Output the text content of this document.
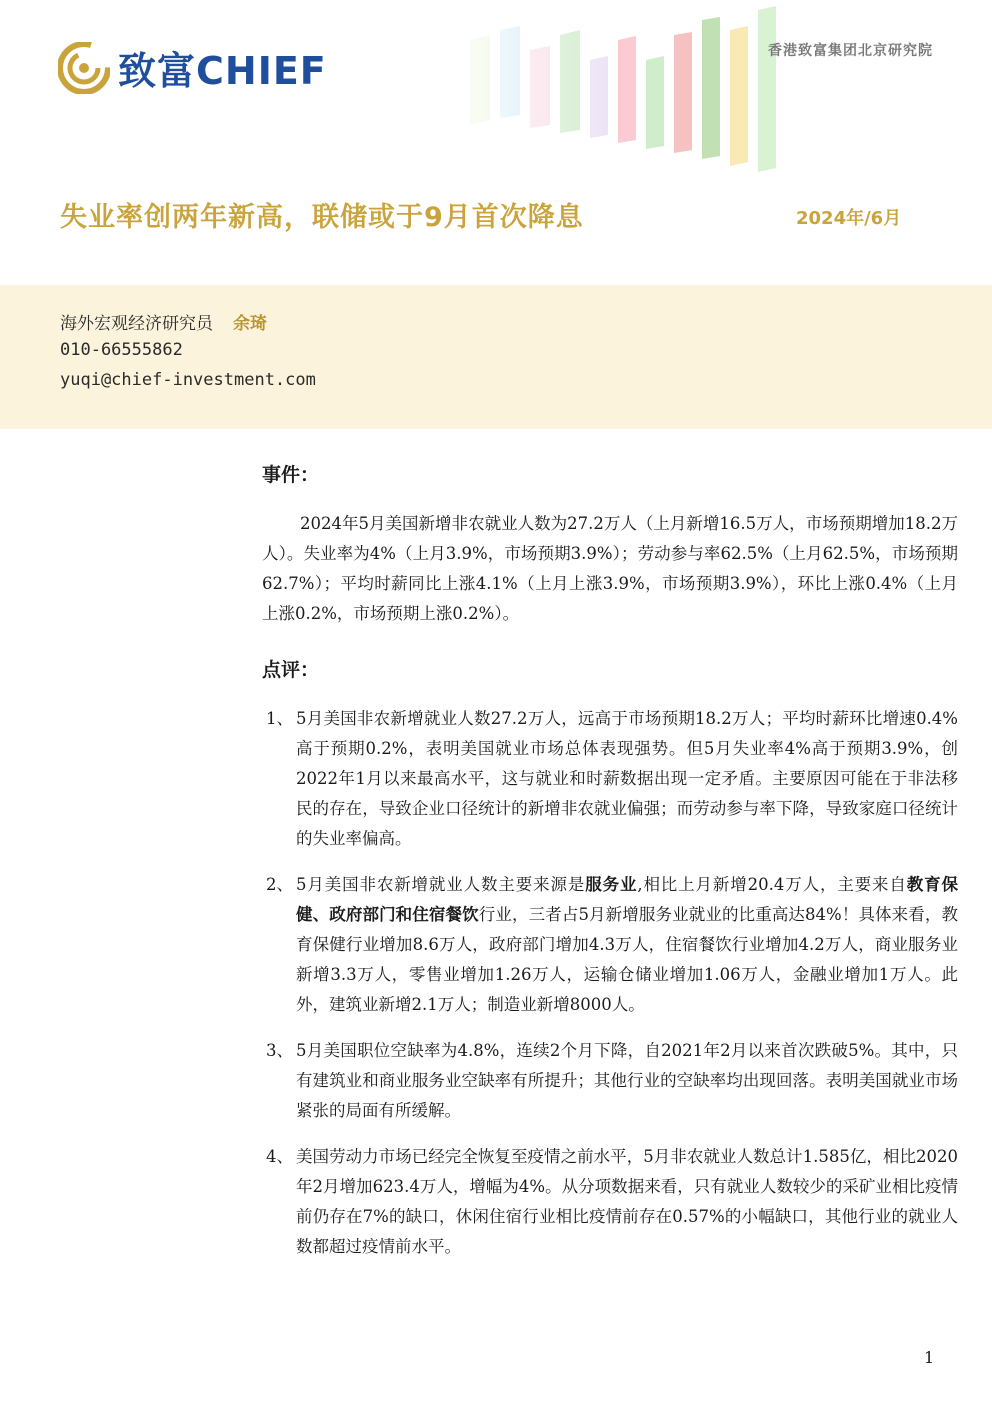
致富CHIEF	香港致富集团北京研究院
失业率创两年新高，联储或于9月首次降息	2024年/6月
海外宏观经济研究员 余琦
010-66555862
yuqi@chief-investment.com
事件：

2024年5月美国新增非农就业人数为27.2万人（上月新增16.5万人，市场预期增加18.2万人）。失业率为4%（上月3.9%，市场预期3.9%）；劳动参与率62.5%（上月62.5%，市场预期62.7%）；平均时薪同比上涨4.1%（上月上涨3.9%，市场预期3.9%），环比上涨0.4%（上月上涨0.2%，市场预期上涨0.2%）。

点评：
1、 5月美国非农新增就业人数27.2万人，远高于市场预期18.2万人；平均时薪环比增速0.4%高于预期0.2%，表明美国就业市场总体表现强势。但5月失业率4%高于预期3.9%，创2022年1月以来最高水平，这与就业和时薪数据出现一定矛盾。主要原因可能在于非法移民的存在，导致企业口径统计的新增非农就业偏强；而劳动参与率下降，导致家庭口径统计的失业率偏高。
2、 5月美国非农新增就业人数主要来源是服务业,相比上月新增20.4万人，主要来自教育保健、政府部门和住宿餐饮行业，三者占5月新增服务业就业的比重高达84%！具体来看，教育保健行业增加8.6万人，政府部门增加4.3万人，住宿餐饮行业增加4.2万人，商业服务业新增3.3万人，零售业增加1.26万人，运输仓储业增加1.06万人，金融业增加1万人。此外，建筑业新增2.1万人；制造业新增8000人。
3、 5月美国职位空缺率为4.8%，连续2个月下降，自2021年2月以来首次跌破5%。其中，只有建筑业和商业服务业空缺率有所提升；其他行业的空缺率均出现回落。表明美国就业市场紧张的局面有所缓解。
4、 美国劳动力市场已经完全恢复至疫情之前水平，5月非农就业人数总计1.585亿，相比2020年2月增加623.4万人，增幅为4%。从分项数据来看，只有就业人数较少的采矿业相比疫情前仍存在7%的缺口，休闲住宿行业相比疫情前存在0.57%的小幅缺口，其他行业的就业人数都超过疫情前水平。
1
